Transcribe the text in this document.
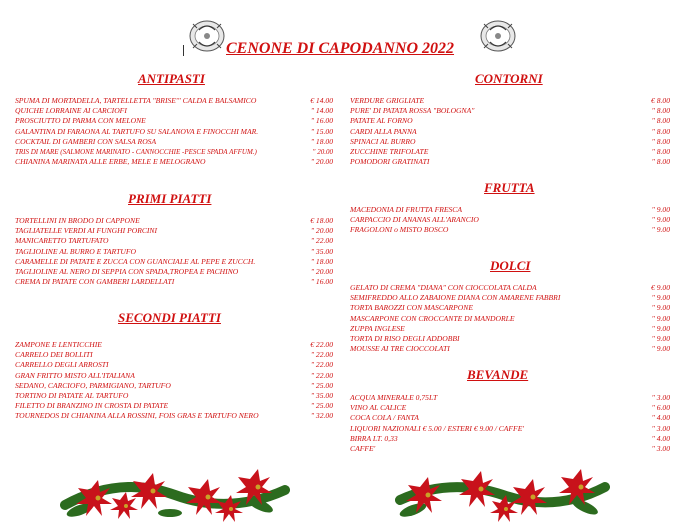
CENONE DI CAPODANNO 2022
ANTIPASTI
SPUMA DI MORTADELLA, TARTELLETTA "BRISE'" CALDA E BALSAMICO	€ 14.00
QUICHE LORRAINE AI CARCIOFI	" 14.00
PROSCIUTTO DI PARMA CON MELONE	" 16.00
GALANTINA DI FARAONA AL TARTUFO SU SALANOVA E FINOCCHI MAR.	" 15.00
COCKTAIL DI GAMBERI CON SALSA ROSA	" 18.00
TRIS DI MARE (SALMONE MARINATO - CANNOCCHIE -PESCE SPADA AFFUM.)	" 20.00
CHIANINA MARINATA ALLE ERBE, MELE E MELOGRANO	" 20.00
PRIMI PIATTI
TORTELLINI IN BRODO DI CAPPONE	€ 18.00
TAGLIATELLE VERDI AI FUNGHI PORCINI	" 20.00
MANICARETTO TARTUFATO	" 22.00
TAGLIOLINE AL BURRO E TARTUFO	" 35.00
CARAMELLE DI PATATE E ZUCCA CON GUANCIALE AL PEPE E ZUCCH.	" 18.00
TAGLIOLINE AL NERO DI SEPPIA CON SPADA,TROPEA E PACHINO	" 20.00
CREMA DI PATATE CON GAMBERI LARDELLATI	" 16.00
SECONDI PIATTI
ZAMPONE E LENTICCHIE	€ 22.00
CARRELO DEI BOLLITI	" 22.00
CARRELLO DEGLI ARROSTI	" 22.00
GRAN FRITTO MISTO ALL'ITALIANA	" 22.00
SEDANO, CARCIOFO, PARMIGIANO, TARTUFO	" 25.00
TORTINO DI PATATE AL TARTUFO	" 35.00
FILETTO DI BRANZINO IN CROSTA DI PATATE	" 25.00
TOURNEDOS DI CHIANINA ALLA ROSSINI, FOIS GRAS E TARTUFO NERO	" 32.00
CONTORNI
VERDURE GRIGLIATE	€ 8.00
PURE' DI PATATA ROSSA "BOLOGNA"	" 8.00
PATATE AL FORNO	" 8.00
CARDI ALLA PANNA	" 8.00
SPINACI AL BURRO	" 8.00
ZUCCHINE TRIFOLATE	" 8.00
POMODORI GRATINATI	" 8.00
FRUTTA
MACEDONIA DI FRUTTA FRESCA	" 9.00
CARPACCIO DI ANANAS ALL'ARANCIO	" 9.00
FRAGOLONI o MISTO BOSCO	" 9.00
DOLCI
GELATO DI CREMA "DIANA" CON CIOCCOLATA CALDA	€ 9.00
SEMIFREDDO ALLO ZABAIONE DIANA CON AMARENE FABBRI	" 9.00
TORTA BAROZZI CON MASCARPONE	" 9.00
MASCARPONE CON CROCCANTE DI MANDORLE	" 9.00
ZUPPA INGLESE	" 9.00
TORTA DI RISO DEGLI ADDOBBI	" 9.00
MOUSSE AI TRE CIOCCOLATI	" 9.00
BEVANDE
ACQUA MINERALE 0,75LT	" 3.00
VINO AL CALICE	" 6.00
COCA COLA / FANTA	" 4.00
LIQUORI NAZIONALI € 5.00 / ESTERI € 9.00 / CAFFE'	" 3.00
BIRRA LT. 0,33	" 4.00
CAFFE'	" 3.00
